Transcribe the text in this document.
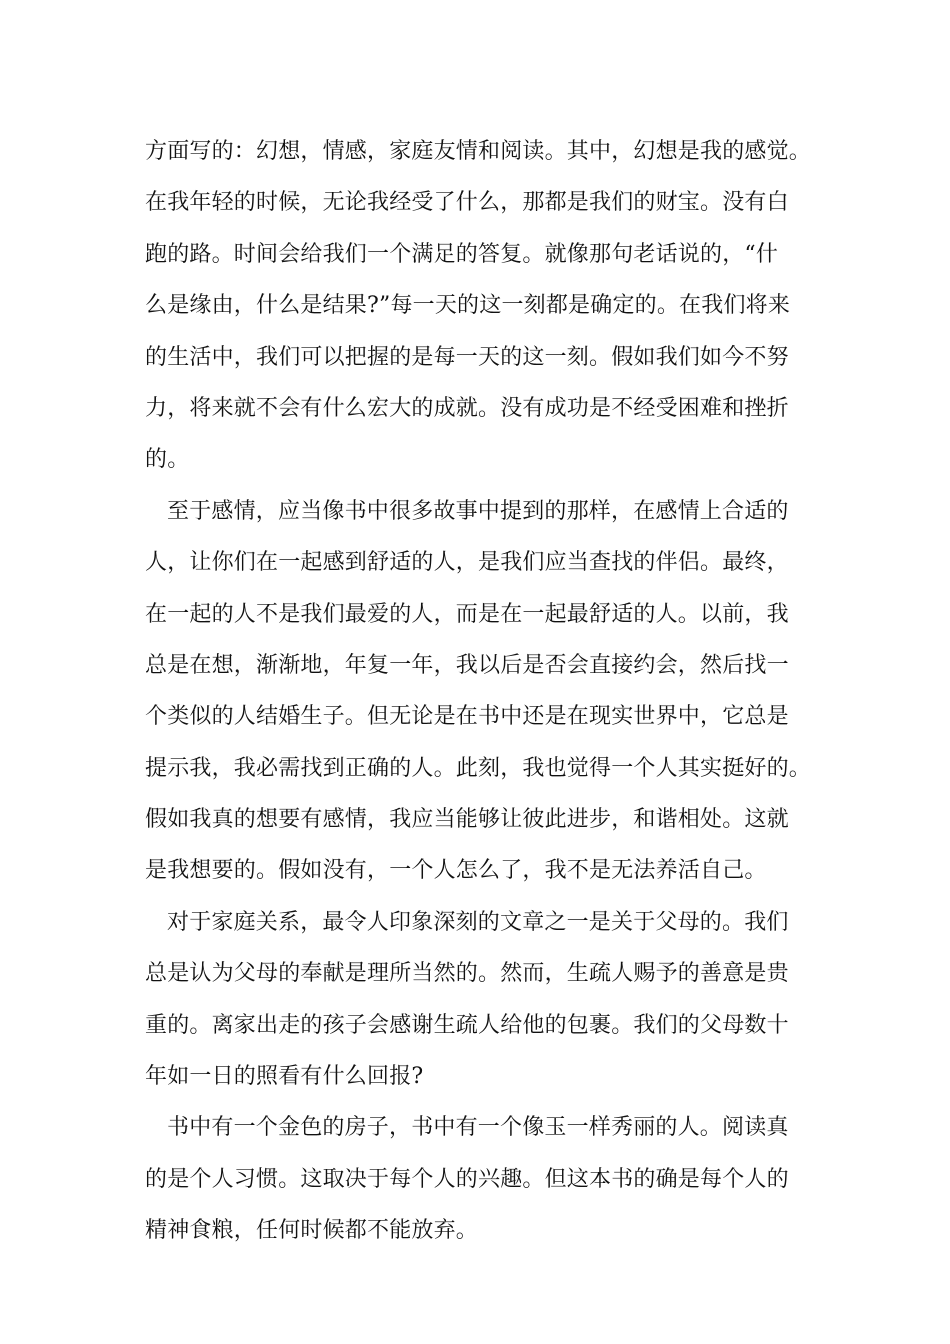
方面写的：幻想，情感，家庭友情和阅读。其中，幻想是我的感觉。
在我年轻的时候，无论我经受了什么，那都是我们的财宝。没有白
跑的路。时间会给我们一个满足的答复。就像那句老话说的，“什
么是缘由，什么是结果?”每一天的这一刻都是确定的。在我们将来
的生活中，我们可以把握的是每一天的这一刻。假如我们如今不努
力，将来就不会有什么宏大的成就。没有成功是不经受困难和挫折
的。
至于感情，应当像书中很多故事中提到的那样，在感情上合适的
人，让你们在一起感到舒适的人，是我们应当查找的伴侣。最终，
在一起的人不是我们最爱的人，而是在一起最舒适的人。以前，我
总是在想，渐渐地，年复一年，我以后是否会直接约会，然后找一
个类似的人结婚生子。但无论是在书中还是在现实世界中，它总是
提示我，我必需找到正确的人。此刻，我也觉得一个人其实挺好的。
假如我真的想要有感情，我应当能够让彼此进步，和谐相处。这就
是我想要的。假如没有，一个人怎么了，我不是无法养活自己。
对于家庭关系，最令人印象深刻的文章之一是关于父母的。我们
总是认为父母的奉献是理所当然的。然而，生疏人赐予的善意是贵
重的。离家出走的孩子会感谢生疏人给他的包裹。我们的父母数十
年如一日的照看有什么回报?
书中有一个金色的房子，书中有一个像玉一样秀丽的人。阅读真
的是个人习惯。这取决于每个人的兴趣。但这本书的确是每个人的
精神食粮，任何时候都不能放弃。
